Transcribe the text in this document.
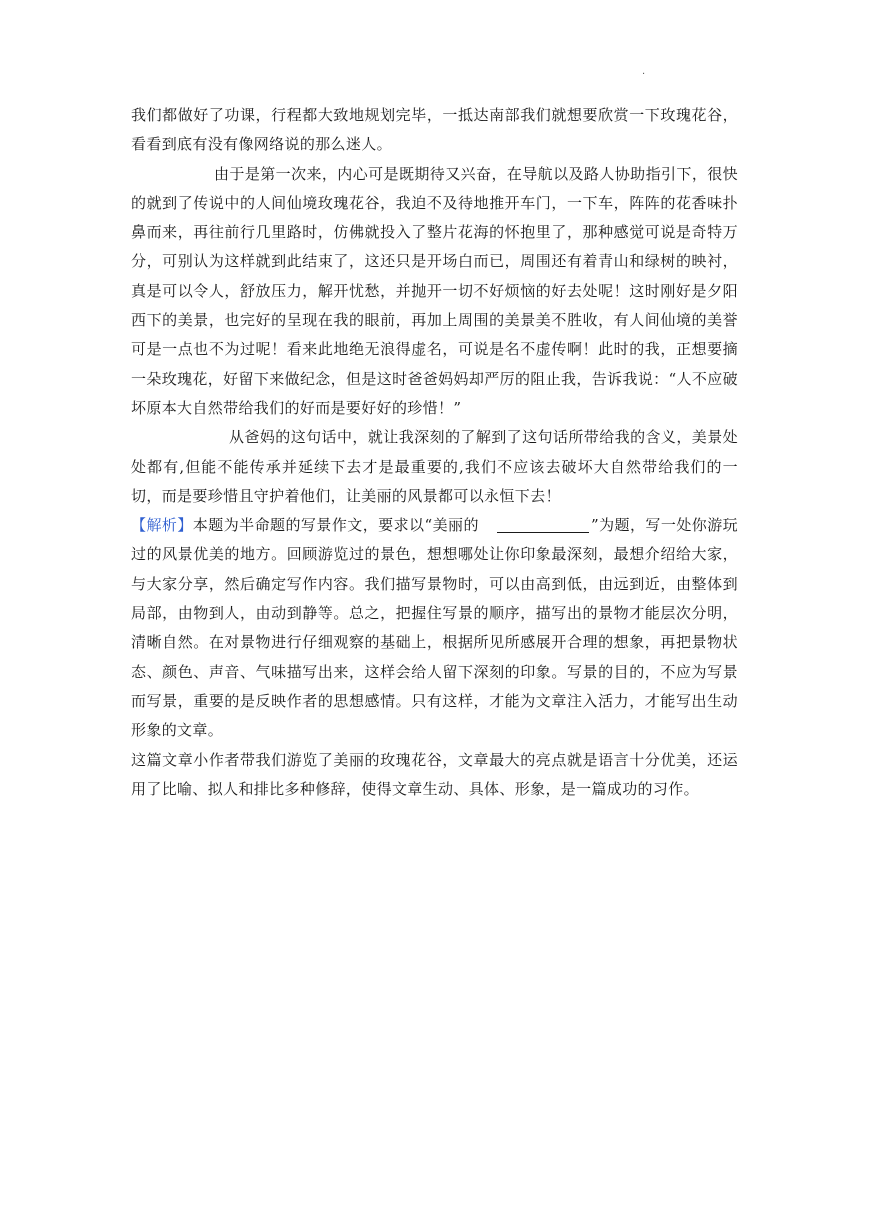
.

我们都做好了功课，行程都大致地规划完毕，一抵达南部我们就想要欣赏一下玫瑰花谷，看看到底有没有像网络说的那么迷人。

由于是第一次来，内心可是既期待又兴奋，在导航以及路人协助指引下，很快的就到了传说中的人间仙境玫瑰花谷，我迫不及待地推开车门，一下车，阵阵的花香味扑鼻而来，再往前行几里路时，仿佛就投入了整片花海的怀抱里了，那种感觉可说是奇特万分，可别认为这样就到此结束了，这还只是开场白而已，周围还有着青山和绿树的映衬，真是可以令人，舒放压力，解开忧愁，并抛开一切不好烦恼的好去处呢！这时刚好是夕阳西下的美景，也完好的呈现在我的眼前，再加上周围的美景美不胜收，有人间仙境的美誉可是一点也不为过呢！看来此地绝无浪得虚名，可说是名不虚传啊！此时的我，正想要摘一朵玫瑰花，好留下来做纪念，但是这时爸爸妈妈却严厉的阻止我，告诉我说：“人不应破坏原本大自然带给我们的好而是要好好的珍惜！”

从爸妈的这句话中，就让我深刻的了解到了这句话所带给我的含义，美景处处都有,但能不能传承并延续下去才是最重要的,我们不应该去破坏大自然带给我们的一切，而是要珍惜且守护着他们，让美丽的风景都可以永恒下去！

【解析】本题为半命题的写景作文，要求以“美丽的	”为题，写一处你游玩过的风景优美的地方。回顾游览过的景色，想想哪处让你印象最深刻，最想介绍给大家，与大家分享，然后确定写作内容。我们描写景物时，可以由高到低，由远到近，由整体到局部，由物到人，由动到静等。总之，把握住写景的顺序，描写出的景物才能层次分明，清晰自然。在对景物进行仔细观察的基础上，根据所见所感展开合理的想象，再把景物状态、颜色、声音、气味描写出来，这样会给人留下深刻的印象。写景的目的，不应为写景而写景，重要的是反映作者的思想感情。只有这样，才能为文章注入活力，才能写出生动形象的文章。

这篇文章小作者带我们游览了美丽的玫瑰花谷，文章最大的亮点就是语言十分优美，还运用了比喻、拟人和排比多种修辞，使得文章生动、具体、形象，是一篇成功的习作。
